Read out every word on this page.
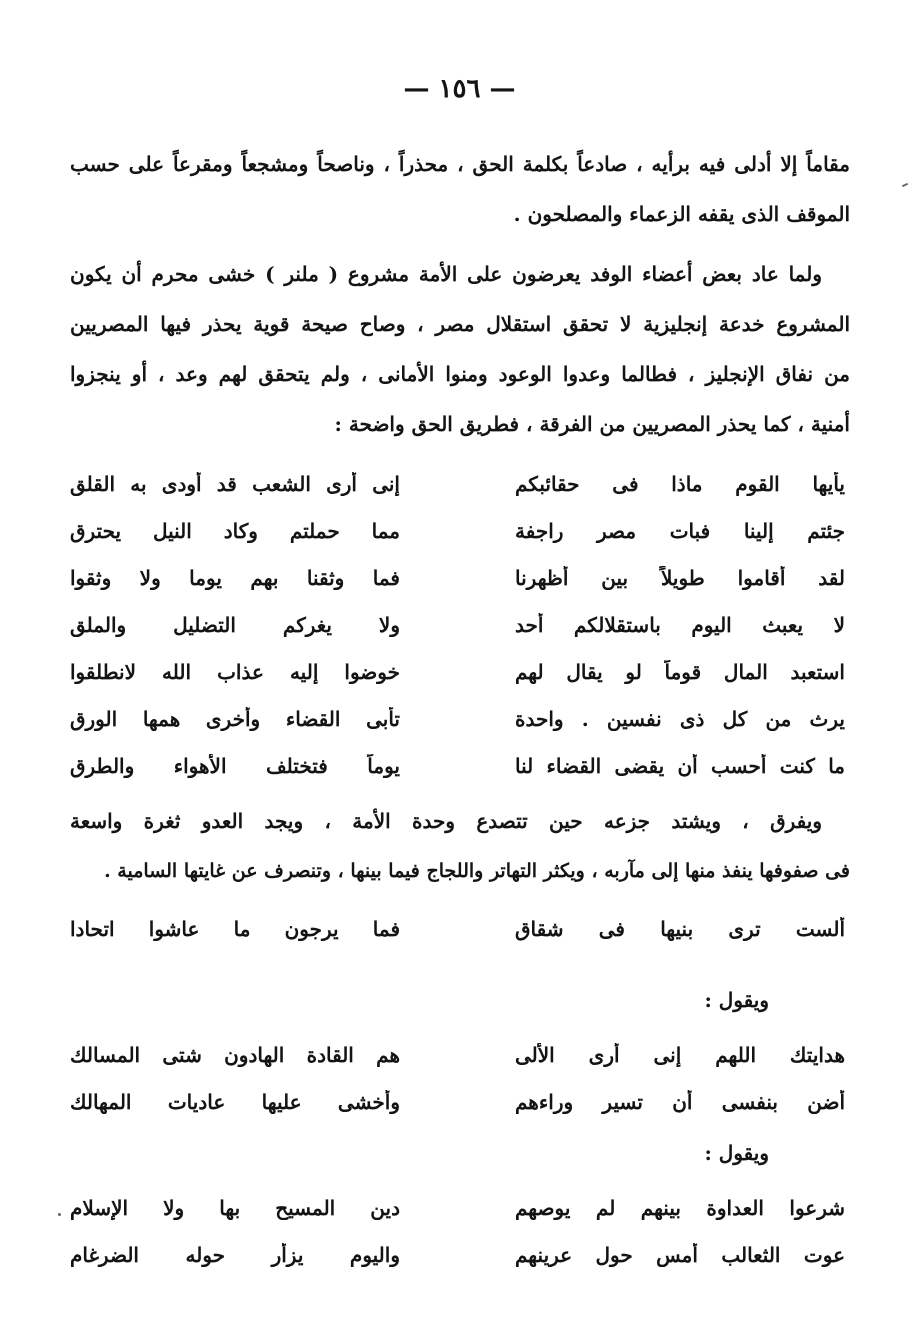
— ١٥٦ —
مقاماً إلا أدلى فيه برأيه ، صادعاً بكلمة الحق ، محذراً ، وناصحاً ومشجعاً ومقرعاً على حسب
الموقف الذى يقفه الزعماء والمصلحون .
ولما عاد بعض أعضاء الوفد يعرضون على الأمة مشروع ( ملنر ) خشى محرم أن يكون
المشروع خدعة إنجليزية لا تحقق استقلال مصر ، وصاح صيحة قوية يحذر فيها المصريين
من نفاق الإنجليز ، فطالما وعدوا الوعود ومنوا الأمانى ، ولم يتحقق لهم وعد ، أو ينجزوا
أمنية ، كما يحذر المصريين من الفرقة ، فطريق الحق واضحة :
يأيها القوم ماذا فى حقائبكم
إنى أرى الشعب قد أودى به القلق
جئتم إلينا فبات مصر راجفة
مما حملتم وكاد النيل يحترق
لقد أقاموا طويلاً بين أظهرنا
فما وثقنا بهم يوما ولا وثقوا
لا يعبث اليوم باستقلالكم أحد
ولا يغركم التضليل والملق
استعبد المال قوماً لو يقال لهم
خوضوا إليه عذاب الله لانطلقوا
يرث من كل ذى نفسين . واحدة
تأبى القضاء وأخرى همها الورق
ما كنت أحسب أن يقضى القضاء لنا
يوماً فتختلف الأهواء والطرق
ويفرق ، ويشتد جزعه حين تتصدع وحدة الأمة ، ويجد العدو ثغرة واسعة
فى صفوفها ينفذ منها إلى مآربه ، ويكثر التهاتر واللجاج فيما بينها ، وتنصرف عن غايتها السامية .
ألست ترى بنيها فى شقاق
فما يرجون ما عاشوا اتحادا
ويقول :
هدايتك اللهم إنى أرى الألى
هم القادة الهادون شتى المسالك
أضن بنفسى أن تسير وراءهم
وأخشى عليها عاديات المهالك
ويقول :
شرعوا العداوة بينهم لم يوصهم
دين المسيح بها ولا الإسلام
عوت الثعالب أمس حول عرينهم
واليوم يزأر حوله الضرغام
